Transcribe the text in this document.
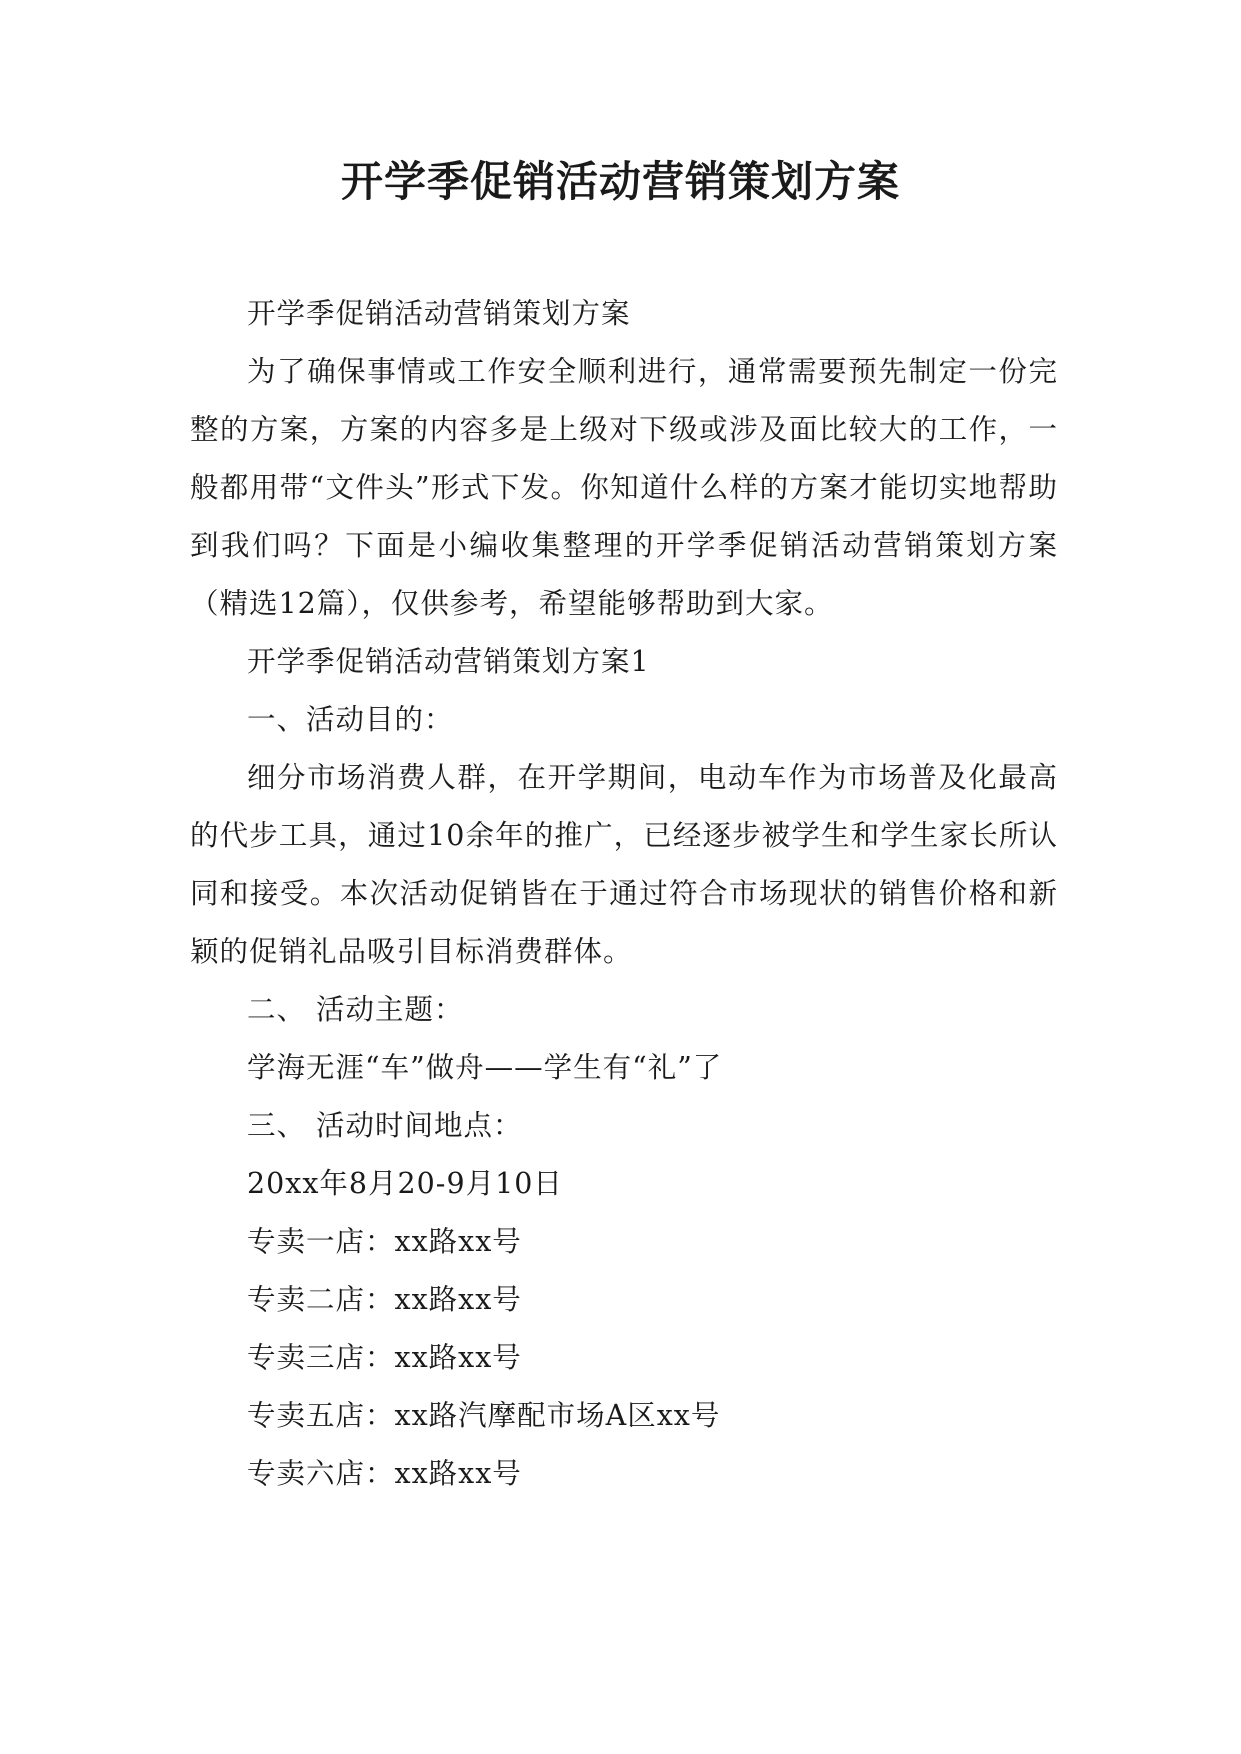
开学季促销活动营销策划方案

开学季促销活动营销策划方案

为了确保事情或工作安全顺利进行，通常需要预先制定一份完整的方案，方案的内容多是上级对下级或涉及面比较大的工作，一般都用带“文件头”形式下发。你知道什么样的方案才能切实地帮助到我们吗？下面是小编收集整理的开学季促销活动营销策划方案（精选12篇），仅供参考，希望能够帮助到大家。

开学季促销活动营销策划方案1

一、活动目的：

细分市场消费人群，在开学期间，电动车作为市场普及化最高的代步工具，通过10余年的推广，已经逐步被学生和学生家长所认同和接受。本次活动促销皆在于通过符合市场现状的销售价格和新颖的促销礼品吸引目标消费群体。

二、 活动主题：

学海无涯“车”做舟——学生有“礼”了

三、 活动时间地点：

20xx年8月20-9月10日

专卖一店：xx路xx号

专卖二店：xx路xx号

专卖三店：xx路xx号

专卖五店：xx路汽摩配市场A区xx号

专卖六店：xx路xx号
